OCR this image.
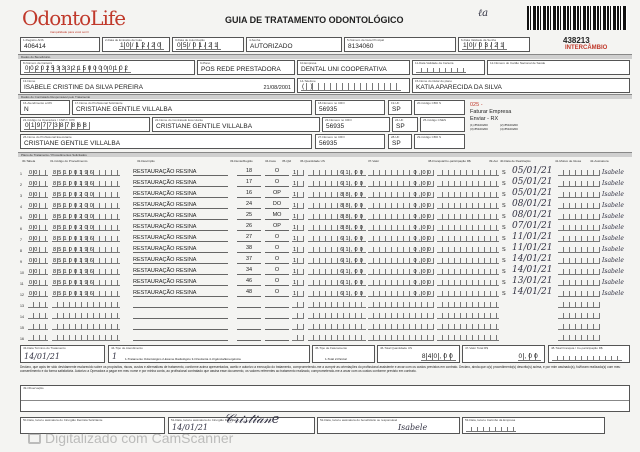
OdontoLife
tranquilidade para você sorrir
GUIA DE TRATAMENTO ODONTOLÓGICO
ℓa
438213
INTERCÂMBIO
1-Registro ANS
406414
2-Data de Emissão da Guia
10/12/20
3-Data de Autorização
05/01/21
4-Senha
AUTORIZADO
5-Número da Guia Principal
8134060
6-Data Validade da Senha
10/03/21
Dados do Beneficiário
8-Número da Carteira
00202533321500000102
9-Plano
POS REDE PRESTADORA
10-Empresa
DENTAL UNI COOPERATIVA
11-Data Validade da Carteira	12-Número do Cartão Nacional de Saúde
13-Nome
ISABELE CRISTINE DA SILVA PEREIRA	21/08/2001
14-Telefone
( )
15-Nome do titular do plano
KATIA APARECIDA DA SILVA
Dados do Contratado Responsável pelo Tratamento
16-Atendimento a RN
N
17-Nome do Profissional Solicitante
CRISTIANE GENTILE VILLALBA
18-Número no CRO
56935
19-UF
SP
20-Código CBO S
21-Código na Operadora / CNPJ / CPF
01977387868
22-Nome do Contratado Executante
CRISTIANE GENTILE VILLALBA
23-Número no CRO
56935
24-UF
SP
25-Código CNES
26-Nome do Profissional Executante
CRISTIANE GENTILE VILLALBA
27-Número no CRO
56935
28-UF
SP
29-Código CBO S
025 -
Faturar Empresa
Enviar - RX
(1) 85100200	(2) 85100200
(3) 85100200	(4) 85100200
Plano de Tratamento / Procedimentos Solicitados
30-Tabela	31-Código do Procedimento	32-Descrição	33-Dente/Região	34-Face 35-Qtd	36-Quantidade US	37-Valor	38-Franquia/Co-participação R$	39-Aut 40-Data de Realização	41-Motivo de Glosa	42-Assinatura
1 00	85100196	RESTAURAÇÃO RESINA	18	O	1	61,00	0,00	S 05/01/21	Isabele
2 00	85100196	RESTAURAÇÃO RESINA	17	O	1	61,00	0,00	S 05/01/21	Isabele
3 00	85100200	RESTAURAÇÃO RESINA	16	OP	1	88,00	0,00	S 05/01/21	Isabele
4 00	85100200	RESTAURAÇÃO RESINA	24	DO	1	88,00	0,00	S 08/01/21	Isabele
5 00	85100200	RESTAURAÇÃO RESINA	25	MO	1	88,00	0,00	S 08/01/21	Isabele
6 00	85100200	RESTAURAÇÃO RESINA	26	OP	1	88,00	0,00	S 07/01/21	Isabele
7 00	85100196	RESTAURAÇÃO RESINA	27	O	1	61,00	0,00	S 11/01/21	Isabele
8 00	85100196	RESTAURAÇÃO RESINA	38	O	1	61,00	0,00	S 11/01/21	Isabele
9 00	85100196	RESTAURAÇÃO RESINA	37	O	1	61,00	0,00	S 14/01/21	Isabele
10 00	85100196	RESTAURAÇÃO RESINA	34	O	1	61,00	0,00	S 14/01/21	Isabele
11 00	85100196	RESTAURAÇÃO RESINA	46	O	1	61,00	0,00	S 13/01/21	Isabele
12 00	85100196	RESTAURAÇÃO RESINA	48	O	1	61,00	0,00	S 14/01/21	Isabele
13
14
15
16
43-Data Término do Tratamento
14/01/21
44-Tipo de Atendimento
1	1-Tratamento Odontológico 2-Exame Radiológico 3-Ortodontia 4-Urgência/Emergência
45-Tipo de Faturamento
1-Total 2-Parcial
46-Total Quantidade US
840,00
47-Valor Total R$
0,00
48-Total Franquia / Co-participação R$
Declaro, que após ter sido devidamente esclarecido sobre os propósitos, riscos, custos e alternativas de tratamento, conforme acima apresentados, aceito e autorizo a execução do tratamento, comprometendo-me a cumprir as orientações do profissional assistente e arcar com os custos previstos em contrato. Declaro, ainda que o(s) procedimento(s) descrito(s) acima, e por mim assinado(s), foi/foram realizado(s) com meu consentimento e da forma satisfatória. Autorizo a Operadora a pagar em meu nome e por minha conta, ao profissional contratado que assina esse documento, os valores referentes ao tratamento realizado, comprometendo-me a arcar com os custos conforme previsto em contrato.
49-Observação
50-Data, local e assinatura do Cirurgião Dentista Solicitante	51-Data, local e assinatura do Cirurgião Dentista
14/01/21
𝒞𝓇𝒾𝓈𝓉𝒾𝒶𝓃𝑒	52-Data, local e assinatura do beneficiário ou responsável
Isabele
53-Data, local e Carimbo da Empresa
Digitalizado com CamScanner
